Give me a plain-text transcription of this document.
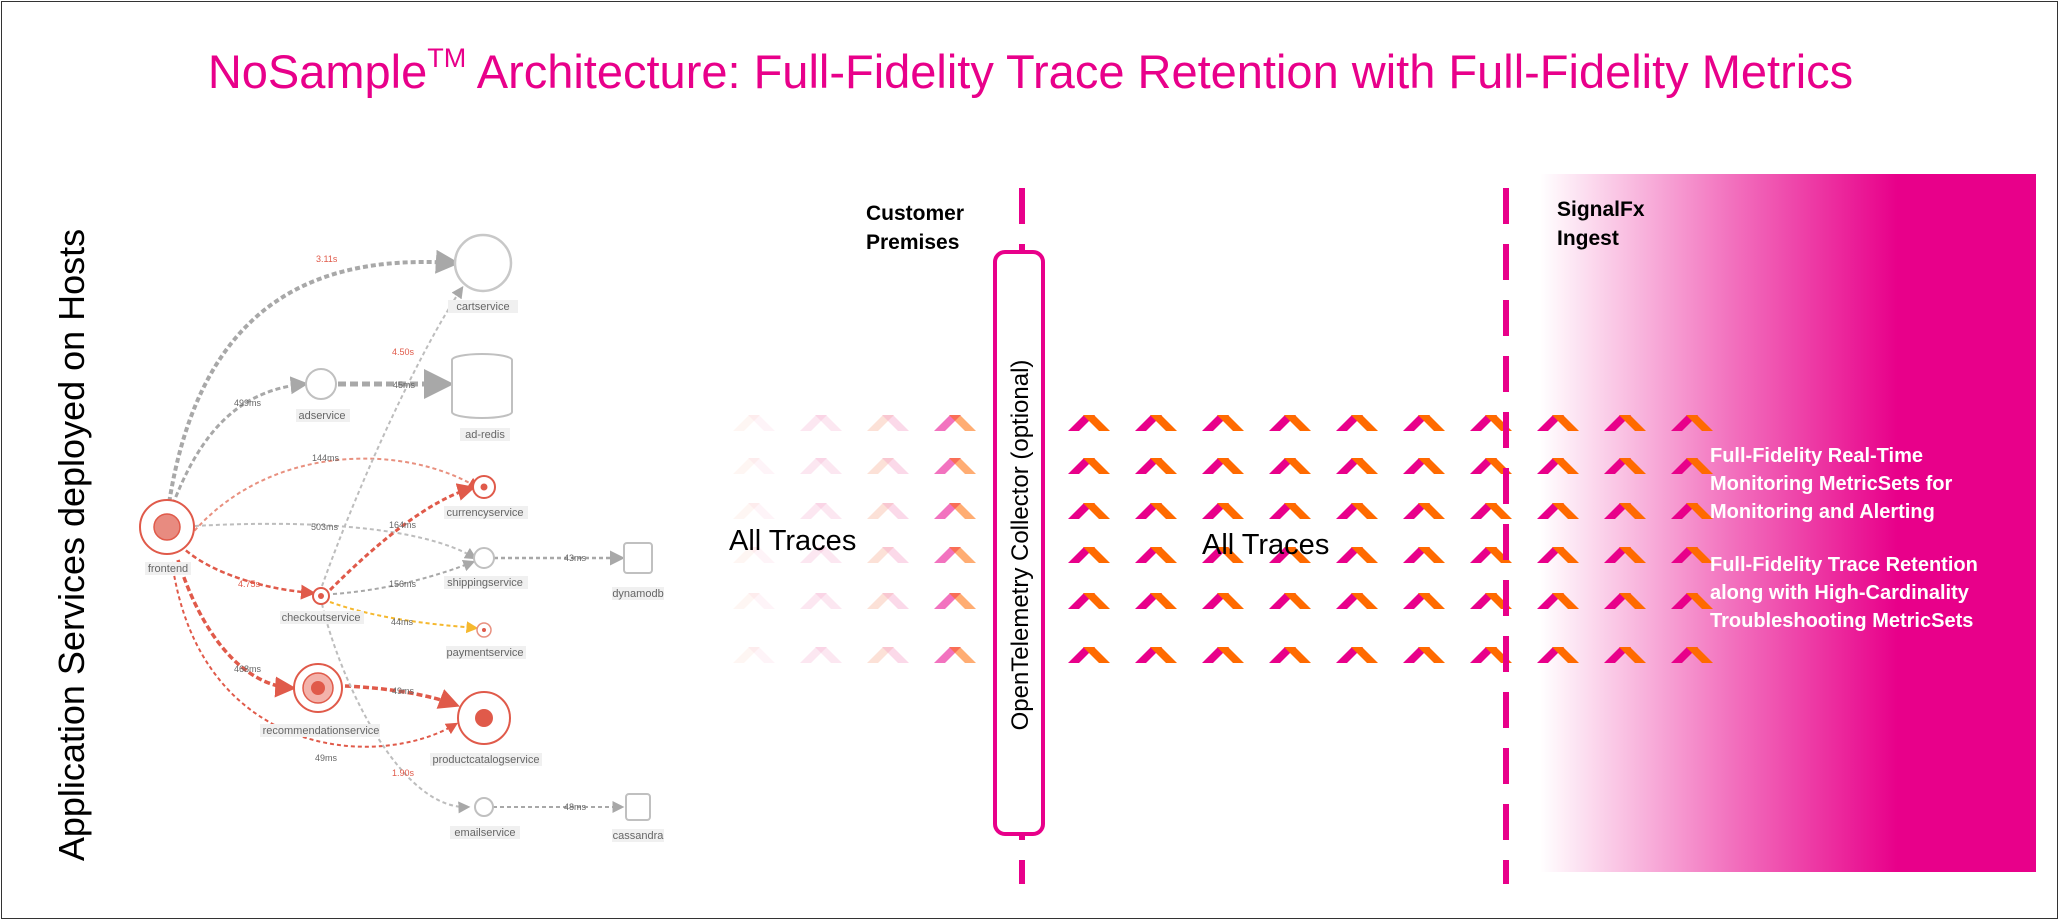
NoSample™ Architecture: Full-Fidelity Trace Retention with Full-Fidelity Metrics
Application Services deployed on Hosts	OpenTelemetry Collector (optional)
Customer
Premises
SignalFx
Ingest
All Traces	All Traces
Full-Fidelity Real-Time
Monitoring MetricSets for
Monitoring and Alerting
Full-Fidelity Trace Retention
along with High-Cardinality
Troubleshooting MetricSets
3.11s
499ms
45ms
144ms
503ms
43ms
4.75s
4.50s
164ms
156ms
44ms
468ms
49ms
49ms
1.90s
48ms
frontend
cartservice
adservice
ad-redis
currencyservice
shippingservice
dynamodb
checkoutservice
paymentservice
recommendationservice
productcatalogservice
emailservice	cassandra
